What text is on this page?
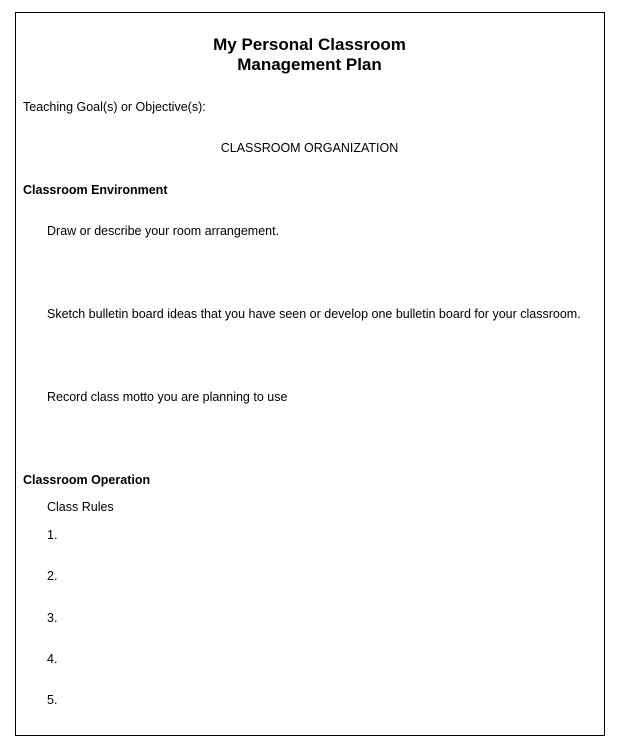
My Personal Classroom
Management Plan
Teaching Goal(s) or Objective(s):
CLASSROOM ORGANIZATION
Classroom Environment
Draw or describe your room arrangement.
Sketch bulletin board ideas that you have seen or develop one bulletin board for your classroom.
Record class motto you are planning to use
Classroom Operation
Class Rules
1.
2.
3.
4.
5.
